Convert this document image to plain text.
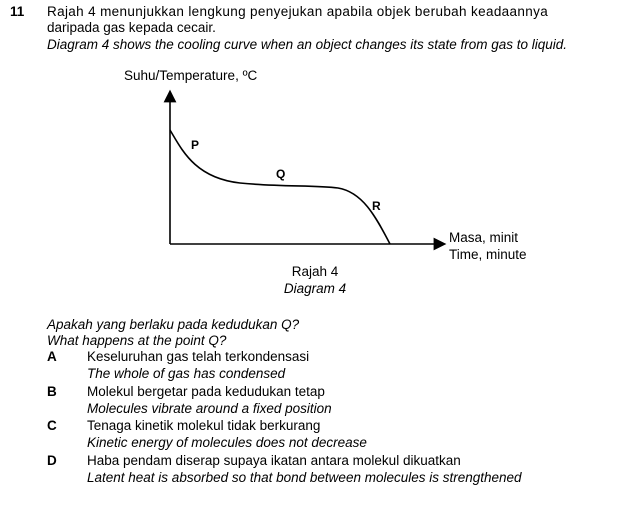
11 Rajah 4 menunjukkan lengkung penyejukan apabila objek berubah keadaannya
daripada gas kepada cecair.
Diagram 4 shows the cooling curve when an object changes its state from gas to liquid.
Suhu/Temperature, ºC
P
Q
R
Masa, minit
Time, minute
Rajah 4
Diagram 4
Apakah yang berlaku pada kedudukan Q?
What happens at the point Q?
A Keseluruhan gas telah terkondensasi
The whole of gas has condensed
B Molekul bergetar pada kedudukan tetap
Molecules vibrate around a fixed position
C Tenaga kinetik molekul tidak berkurang
Kinetic energy of molecules does not decrease
D Haba pendam diserap supaya ikatan antara molekul dikuatkan
Latent heat is absorbed so that bond between molecules is strengthened
